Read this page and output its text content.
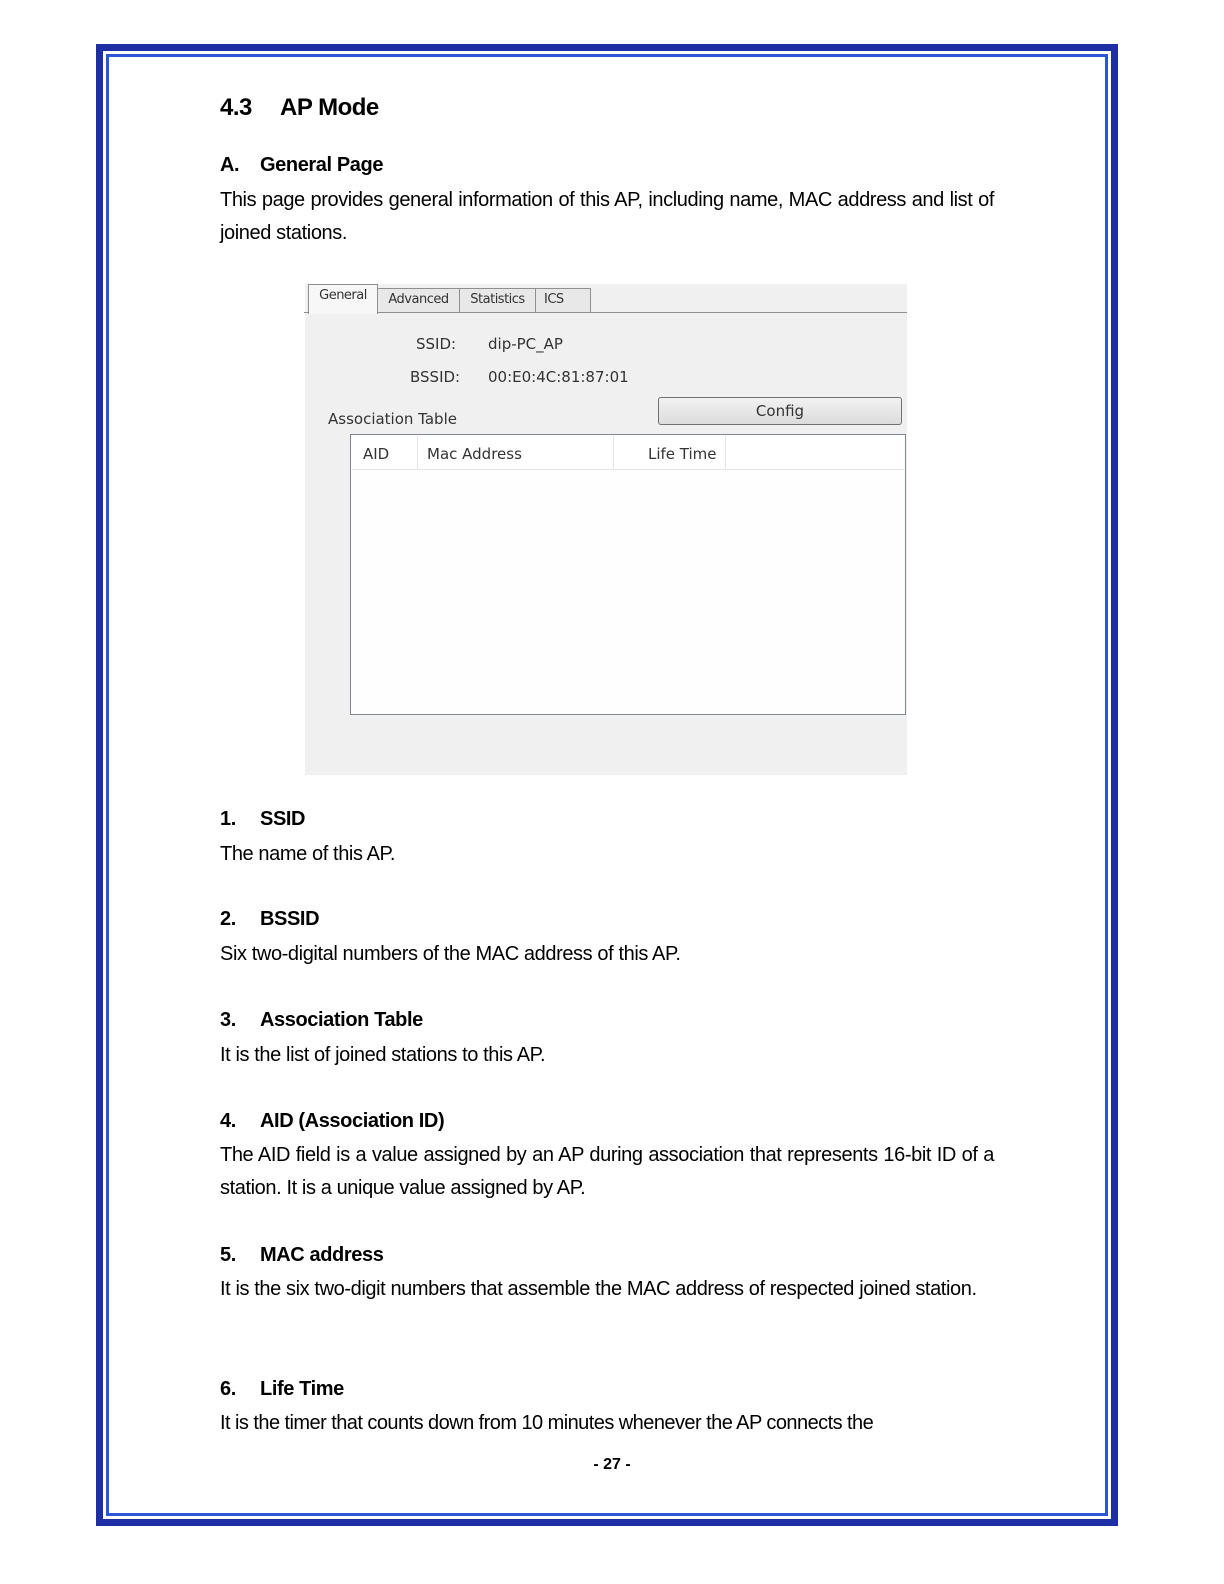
4.3 AP Mode
A. General Page
This page provides general information of this AP, including name, MAC address and list of joined stations.
General	Advanced	Statistics	ICS
SSID: dip-PC_AP
BSSID: 00:E0:4C:81:87:01
Association Table	Config
AID	Mac Address	Life Time
1. SSID
The name of this AP.
2. BSSID
Six two-digital numbers of the MAC address of this AP.
3. Association Table
It is the list of joined stations to this AP.
4. AID (Association ID)
The AID field is a value assigned by an AP during association that represents 16-bit ID of a station. It is a unique value assigned by AP.
5. MAC address
It is the six two-digit numbers that assemble the MAC address of respected joined station.
6. Life Time
It is the timer that counts down from 10 minutes whenever the AP connects the
- 27 -
